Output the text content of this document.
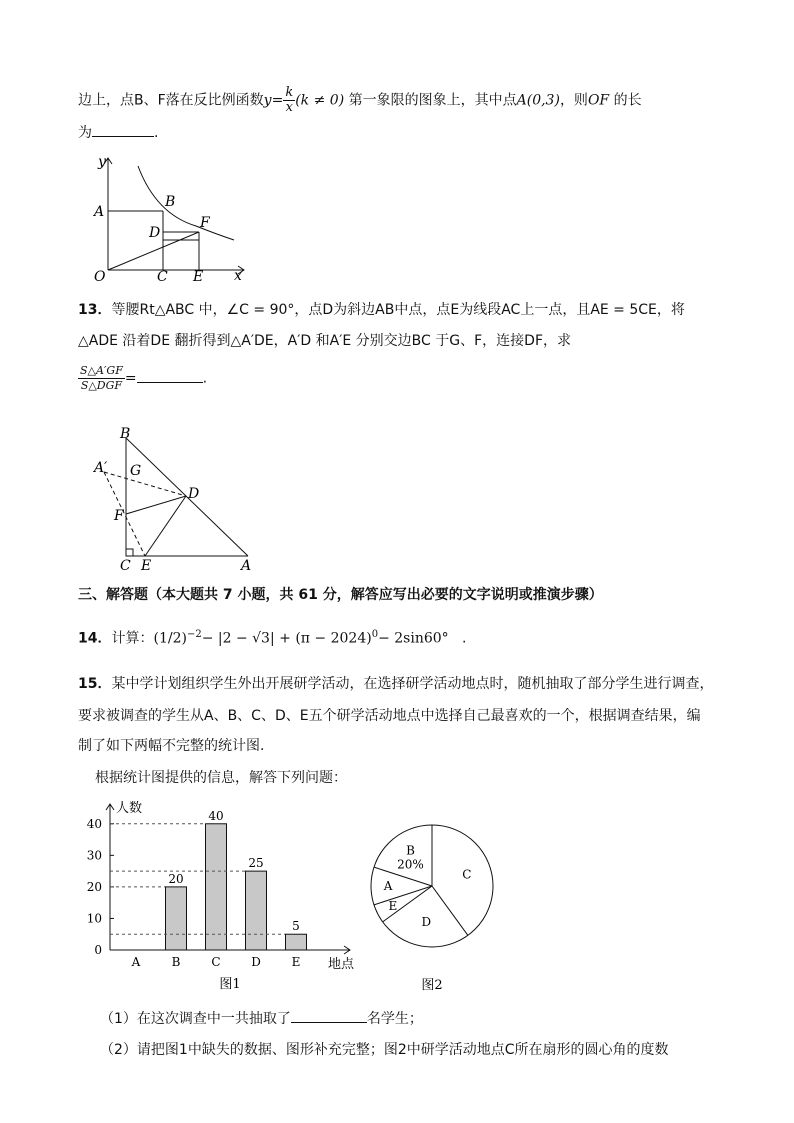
边上，点B、F落在反比例函数$y= \frac{k}{x} (k \ne 0)$ 第一象限的图象上，其中点A(0,3)，则OF 的长
为	.
y
x
A
B
D
F
O	C E
13．等腰Rt△ABC 中，∠C = 90°，点D为斜边AB中点，点E为线段AC上一点，且AE = 5CE，将
△ADE 沿着DE 翻折得到△A′DE，A′D 和A′E 分别交边BC 于G、F，连接DF，求
$\frac{S\triangle A'GF}{\text{S△DGF}}$ =	.
B
A′ G
D
F
C E	A
三、解答题（本大题共 7 小题，共 61 分，解答应写出必要的文字说明或推演步骤）
14．计算：$(1/2)^{-2}- |2 - √3| + (\pi - 2024)^0- 2\sin 60^\circ$ .
15．某中学计划组织学生外出开展研学活动，在选择研学活动地点时，随机抽取了部分学生进行调查，
要求被调查的学生从A、B、C、D、E五个研学活动地点中选择自己最喜欢的一个，根据调查结果，编
制了如下两幅不完整的统计图.
根据统计图提供的信息，解答下列问题：
0
10
20
30
40
人数
地点
A	B
20
C
40
D
25
E
5
图1
B
20%
C
D
E
A
图2
（1）在这次调查中一共抽取了	名学生；
（2）请把图1中缺失的数据、图形补充完整；图2中研学活动地点C所在扇形的圆心角的度数
